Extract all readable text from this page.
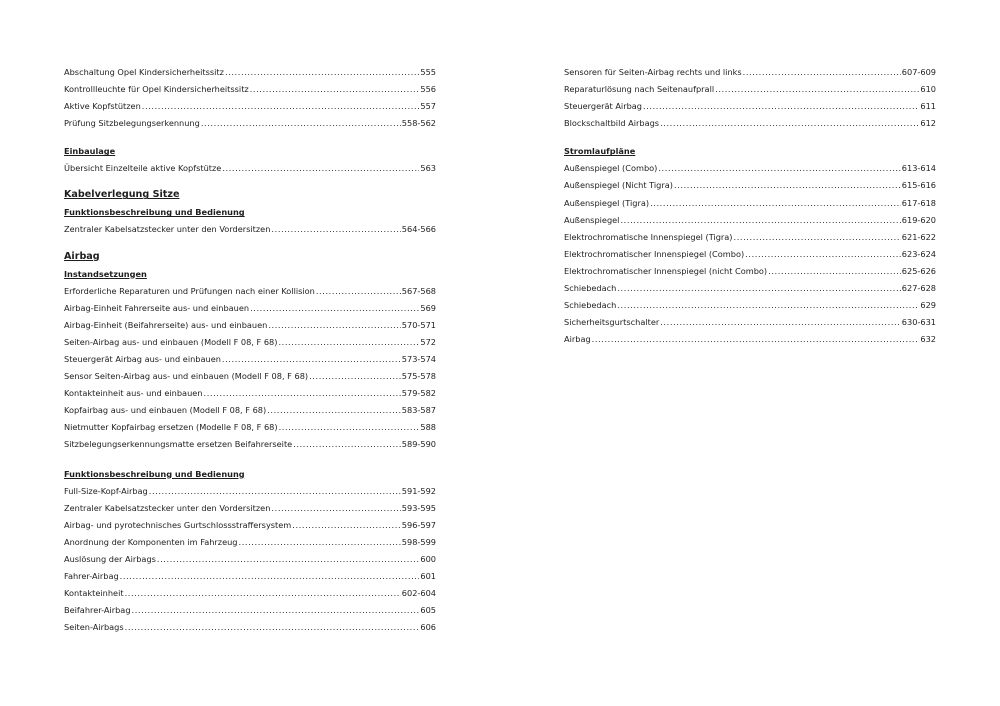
Abschaltung Opel Kindersicherheitssitz .....	555
Kontrollleuchte für Opel Kindersicherheitssitz .....	556
Aktive Kopfstützen .....	557
Prüfung Sitzbelegungserkennung .....	558-562
Einbaulage
Übersicht Einzelteile aktive Kopfstütze .....	563
Kabelverlegung Sitze
Funktionsbeschreibung und Bedienung
Zentraler Kabelsatzstecker unter den Vordersitzen .....	564-566
Airbag
Instandsetzungen
Erforderliche Reparaturen und Prüfungen nach einer Kollision .....	567-568
Airbag-Einheit Fahrerseite aus- und einbauen .....	569
Airbag-Einheit (Beifahrerseite) aus- und einbauen .....	570-571
Seiten-Airbag aus- und einbauen (Modell F 08, F 68) .....	572
Steuergerät Airbag aus- und einbauen .....	573-574
Sensor Seiten-Airbag aus- und einbauen (Modell F 08, F 68) .....	575-578
Kontakteinheit aus- und einbauen .....	579-582
Kopfairbag aus- und einbauen (Modell F 08, F 68) .....	583-587
Nietmutter Kopfairbag ersetzen (Modelle F 08, F 68) .....	588
Sitzbelegungserkennungsmatte ersetzen Beifahrerseite .....	589-590
Funktionsbeschreibung und Bedienung
Full-Size-Kopf-Airbag .....	591-592
Zentraler Kabelsatzstecker unter den Vordersitzen .....	593-595
Airbag- und pyrotechnisches Gurtschlossstraffersystem .....	596-597
Anordnung der Komponenten im Fahrzeug .....	598-599
Auslösung der Airbags .....	600
Fahrer-Airbag .....	601
Kontakteinheit .....	602-604
Beifahrer-Airbag .....	605
Seiten-Airbags .....	606
Sensoren für Seiten-Airbag rechts und links .....	607-609
Reparaturlösung nach Seitenaufprall .....	610
Steuergerät Airbag .....	611
Blockschaltbild Airbags .....	612
Stromlaufpläne
Außenspiegel (Combo) .....	613-614
Außenspiegel (Nicht Tigra) .....	615-616
Außenspiegel (Tigra) .....	617-618
Außenspiegel .....	619-620
Elektrochromatische Innenspiegel (Tigra) .....	621-622
Elektrochromatischer Innenspiegel (Combo) .....	623-624
Elektrochromatischer Innenspiegel (nicht Combo) .....	625-626
Schiebedach .....	627-628
Schiebedach .....	629
Sicherheitsgurtschalter .....	630-631
Airbag .....	632
